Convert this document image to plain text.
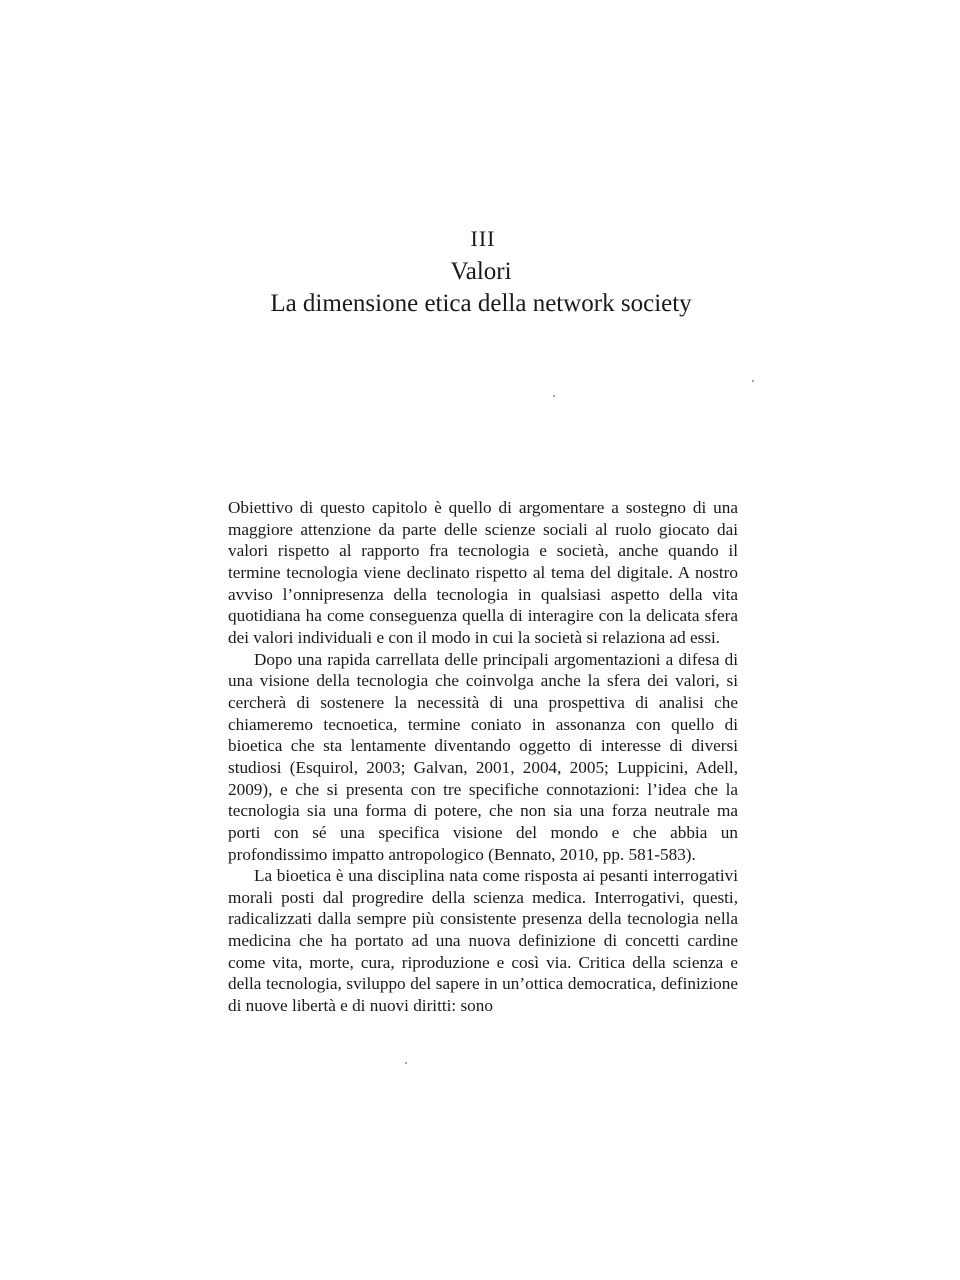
III
Valori
La dimensione etica della network society

Obiettivo di questo capitolo è quello di argomentare a sostegno di una maggiore attenzione da parte delle scienze sociali al ruolo giocato dai valori rispetto al rapporto fra tecnologia e società, anche quando il termine tecnologia viene declinato rispetto al tema del digitale. A nostro avviso l’onnipresenza della tecnologia in qualsiasi aspetto della vita quotidiana ha come conseguenza quella di interagire con la delicata sfera dei valori individuali e con il modo in cui la società si relaziona ad essi.

Dopo una rapida carrellata delle principali argomentazioni a difesa di una visione della tecnologia che coinvolga anche la sfera dei valori, si cercherà di sostenere la necessità di una prospettiva di analisi che chiameremo tecnoetica, termine coniato in assonanza con quello di bioetica che sta lentamente diventando oggetto di interesse di diversi studiosi (Esquirol, 2003; Galvan, 2001, 2004, 2005; Luppicini, Adell, 2009), e che si presenta con tre specifiche connotazioni: l’idea che la tecnologia sia una forma di potere, che non sia una forza neutrale ma porti con sé una specifica visione del mondo e che abbia un profondissimo impatto antropologico (Bennato, 2010, pp. 581-583).

La bioetica è una disciplina nata come risposta ai pesanti interrogativi morali posti dal progredire della scienza medica. Interrogativi, questi, radicalizzati dalla sempre più consistente presenza della tecnologia nella medicina che ha portato ad una nuova definizione di concetti cardine come vita, morte, cura, riproduzione e così via. Critica della scienza e della tecnologia, sviluppo del sapere in un’ottica democratica, definizione di nuove libertà e di nuovi diritti: sono
